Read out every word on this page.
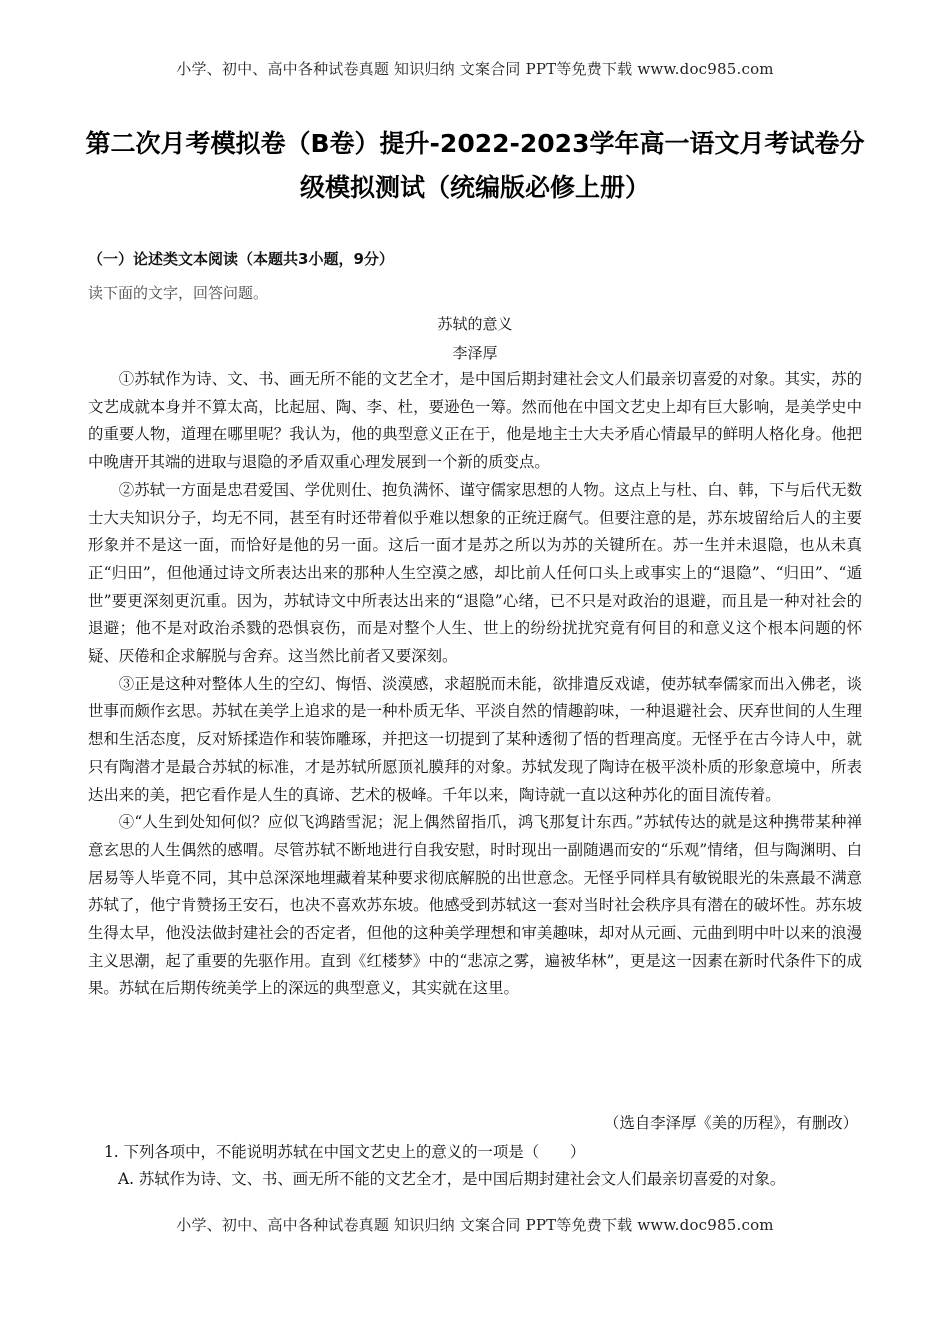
小学、初中、高中各种试卷真题 知识归纳 文案合同 PPT等免费下载 www.doc985.com
第二次月考模拟卷（B卷）提升-2022-2023学年高一语文月考试卷分级模拟测试（统编版必修上册）
（一）论述类文本阅读（本题共3小题，9分）
读下面的文字，回答问题。
苏轼的意义
李泽厚

①苏轼作为诗、文、书、画无所不能的文艺全才，是中国后期封建社会文人们最亲切喜爱的对象。其实，苏的文艺成就本身并不算太高，比起屈、陶、李、杜，要逊色一筹。然而他在中国文艺史上却有巨大影响，是美学史中的重要人物，道理在哪里呢？我认为，他的典型意义正在于，他是地主士大夫矛盾心情最早的鲜明人格化身。他把中晚唐开其端的进取与退隐的矛盾双重心理发展到一个新的质变点。

②苏轼一方面是忠君爱国、学优则仕、抱负满怀、谨守儒家思想的人物。这点上与杜、白、韩，下与后代无数士大夫知识分子，均无不同，甚至有时还带着似乎难以想象的正统迂腐气。但要注意的是，苏东坡留给后人的主要形象并不是这一面，而恰好是他的另一面。这后一面才是苏之所以为苏的关键所在。苏一生并未退隐，也从未真正“归田”，但他通过诗文所表达出来的那种人生空漠之感，却比前人任何口头上或事实上的“退隐”、“归田”、“遁世”要更深刻更沉重。因为，苏轼诗文中所表达出来的“退隐”心绪，已不只是对政治的退避，而且是一种对社会的退避；他不是对政治杀戮的恐惧哀伤，而是对整个人生、世上的纷纷扰扰究竟有何目的和意义这个根本问题的怀疑、厌倦和企求解脱与舍弃。这当然比前者又要深刻。

③正是这种对整体人生的空幻、悔悟、淡漠感，求超脱而未能，欲排遣反戏谑，使苏轼奉儒家而出入佛老，谈世事而颇作玄思。苏轼在美学上追求的是一种朴质无华、平淡自然的情趣韵味，一种退避社会、厌弃世间的人生理想和生活态度，反对矫揉造作和装饰雕琢，并把这一切提到了某种透彻了悟的哲理高度。无怪乎在古今诗人中，就只有陶潜才是最合苏轼的标准，才是苏轼所愿顶礼膜拜的对象。苏轼发现了陶诗在极平淡朴质的形象意境中，所表达出来的美，把它看作是人生的真谛、艺术的极峰。千年以来，陶诗就一直以这种苏化的面目流传着。

④“人生到处知何似？应似飞鸿踏雪泥；泥上偶然留指爪，鸿飞那复计东西。”苏轼传达的就是这种携带某种禅意玄思的人生偶然的感喟。尽管苏轼不断地进行自我安慰，时时现出一副随遇而安的“乐观”情绪，但与陶渊明、白居易等人毕竟不同，其中总深深地埋藏着某种要求彻底解脱的出世意念。无怪乎同样具有敏锐眼光的朱熹最不满意苏轼了，他宁肯赞扬王安石，也决不喜欢苏东坡。他感受到苏轼这一套对当时社会秩序具有潜在的破坏性。苏东坡生得太早，他没法做封建社会的否定者，但他的这种美学理想和审美趣味，却对从元画、元曲到明中叶以来的浪漫主义思潮，起了重要的先驱作用。直到《红楼梦》中的“悲凉之雾，遍被华林”，更是这一因素在新时代条件下的成果。苏轼在后期传统美学上的深远的典型意义，其实就在这里。

（选自李泽厚《美的历程》，有删改）
1. 下列各项中，不能说明苏轼在中国文艺史上的意义的一项是（　　）
A. 苏轼作为诗、文、书、画无所不能的文艺全才，是中国后期封建社会文人们最亲切喜爱的对象。
小学、初中、高中各种试卷真题 知识归纳 文案合同 PPT等免费下载 www.doc985.com
